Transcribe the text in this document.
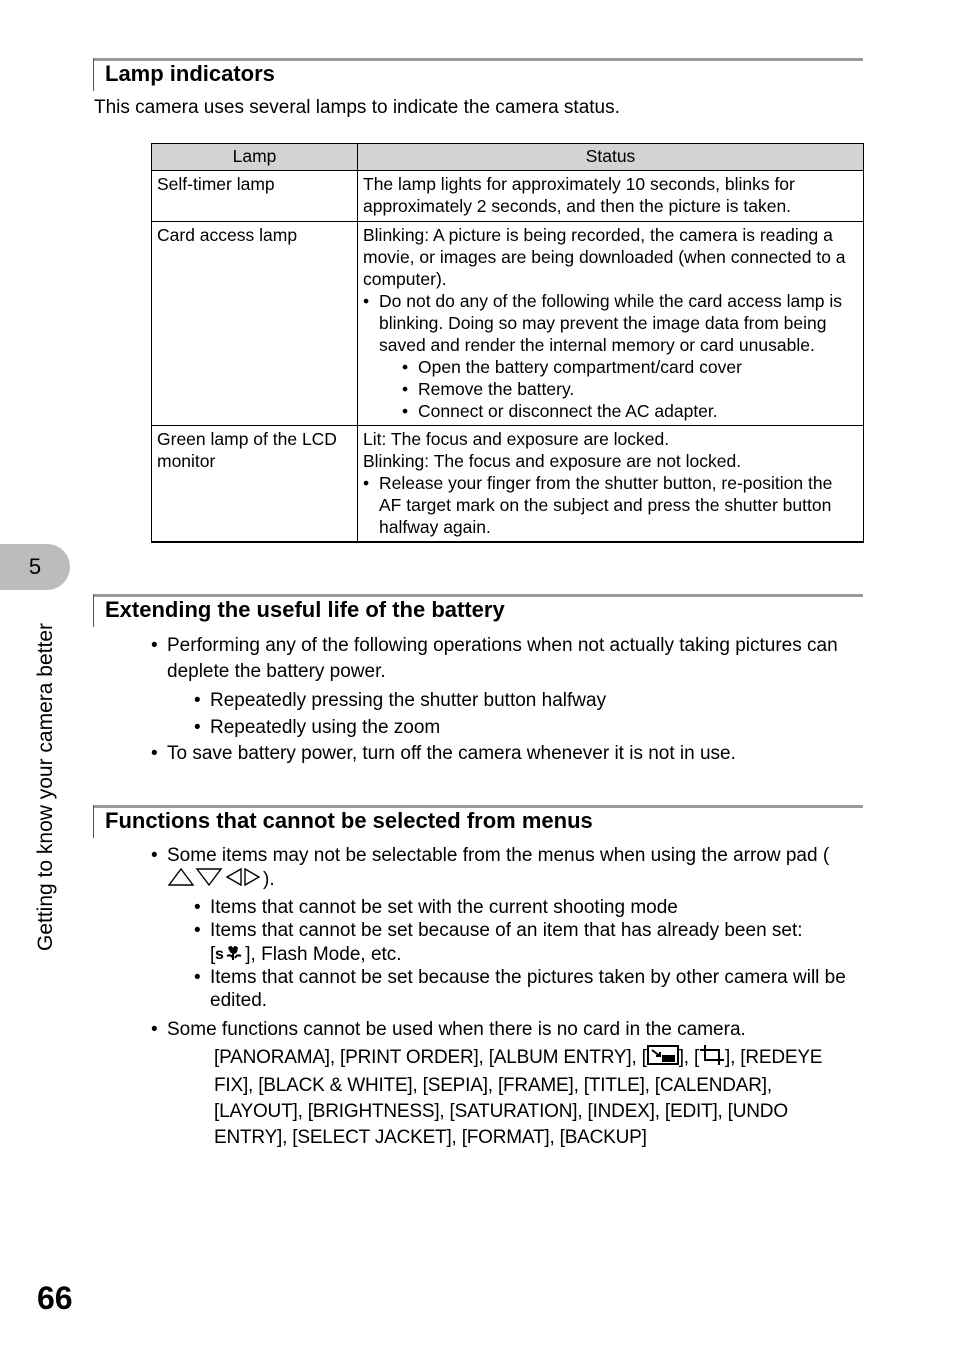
Lamp indicators
This camera uses several lamps to indicate the camera status.
Lamp	Status
Self-timer lamp	The lamp lights for approximately 10 seconds, blinks for approximately 2 seconds, and then the picture is taken.

Card access lamp	Blinking: A picture is being recorded, the camera is reading a movie, or images are being downloaded (when connected to a computer).
• Do not do any of the following while the card access lamp is blinking. Doing so may prevent the image data from being saved and render the internal memory or card unusable.
• Open the battery compartment/card cover
• Remove the battery.
• Connect or disconnect the AC adapter.

Green lamp of the LCD monitor	Lit: The focus and exposure are locked.
Blinking: The focus and exposure are not locked.
• Release your finger from the shutter button, re-position the AF target mark on the subject and press the shutter button halfway again.
Extending the useful life of the battery
• Performing any of the following operations when not actually taking pictures can deplete the battery power.
• Repeatedly pressing the shutter button halfway
• Repeatedly using the zoom
• To save battery power, turn off the camera whenever it is not in use.
Functions that cannot be selected from menus
• Some items may not be selectable from the menus when using the arrow pad ().
• Items that cannot be set with the current shooting mode
• Items that cannot be set because of an item that has already been set:
[ s ], Flash Mode, etc.
• Items that cannot be set because the pictures taken by other camera will be edited.
• Some functions cannot be used when there is no card in the camera.
[PANORAMA], [PRINT ORDER], [ALBUM ENTRY], [ ], [ ], [REDEYE FIX], [BLACK & WHITE], [SEPIA], [FRAME], [TITLE], [CALENDAR], [LAYOUT], [BRIGHTNESS], [SATURATION], [INDEX], [EDIT], [UNDO ENTRY], [SELECT JACKET], [FORMAT], [BACKUP]
5
Getting to know your camera better
66
